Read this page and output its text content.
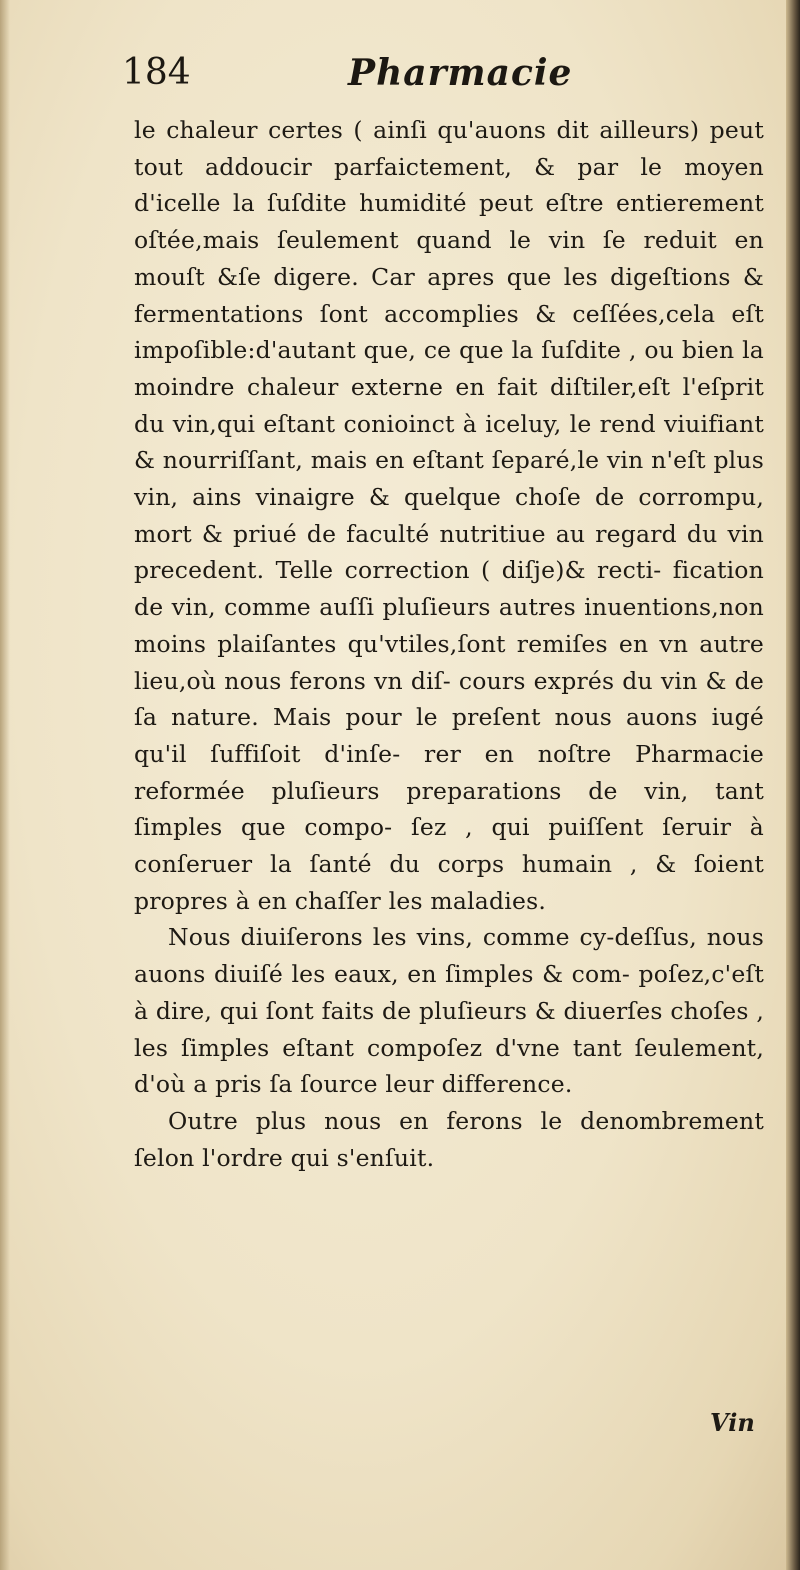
184	Pharmacie

le chaleur certes ( ainſi qu'auons dit ailleurs) peut tout addoucir parfaictement, & par le moyen d'icelle la ſuſdite humidité peut eſtre entierement oſtée,mais ſeulement quand le vin ſe reduit en mouſt &ſe digere. Car apres que les digeſtions & fermentations ſont accomplies & ceſſées,cela eſt impoſible:d'autant que, ce que la ſuſdite , ou bien la moindre chaleur externe en fait diſtiler,eſt l'eſprit du vin,qui eſtant conioinct à iceluy, le rend viuifiant & nourriſſant, mais en eſtant ſeparé,le vin n'eſt plus vin, ains vinaigre & quelque choſe de corrompu, mort & priué de faculté nutritiue au regard du vin precedent. Telle correction ( diſje)& recti- fication de vin, comme auſſi pluſieurs autres inuentions,non moins plaiſantes qu'vtiles,ſont remiſes en vn autre lieu,où nous ferons vn diſ- cours exprés du vin & de ſa nature. Mais pour le preſent nous auons iugé qu'il ſuffiſoit d'inſe- rer en noſtre Pharmacie reformée pluſieurs preparations de vin, tant ſimples que compo- ſez , qui puiſſent ſeruir à conſeruer la ſanté du corps humain , & ſoient propres à en chaſſer les maladies.

Nous diuiſerons les vins, comme cy-deſſus, nous auons diuiſé les eaux, en ſimples & com- poſez,c'eſt à dire, qui ſont faits de pluſieurs & diuerſes choſes , les ſimples eſtant compoſez d'vne tant ſeulement, d'où a pris ſa ſource leur difference.

Outre plus nous en ferons le denombrement ſelon l'ordre qui s'enſuit.

Vin
